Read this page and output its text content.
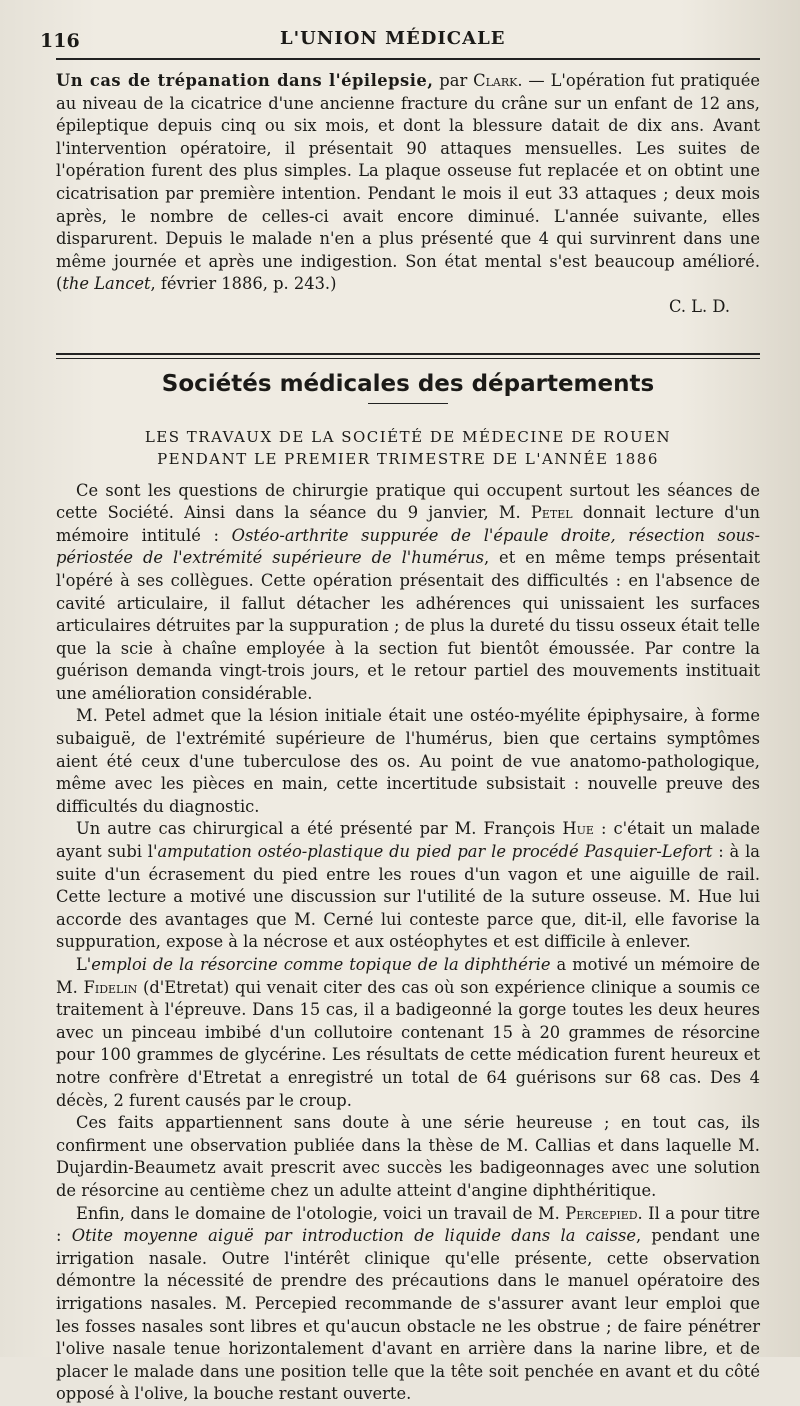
116	L'UNION MÉDICALE

Un cas de trépanation dans l'épilepsie, par Clark. — L'opération fut pratiquée au niveau de la cicatrice d'une ancienne fracture du crâne sur un enfant de 12 ans, épileptique depuis cinq ou six mois, et dont la blessure datait de dix ans. Avant l'intervention opératoire, il présentait 90 attaques mensuelles. Les suites de l'opération furent des plus simples. La plaque osseuse fut replacée et on obtint une cicatrisation par première intention. Pendant le mois il eut 33 attaques ; deux mois après, le nombre de celles-ci avait encore diminué. L'année suivante, elles disparurent. Depuis le malade n'en a plus présenté que 4 qui survinrent dans une même journée et après une indigestion. Son état mental s'est beaucoup amélioré. (the Lancet, février 1886, p. 243.)

C. L. D.

Sociétés médicales des départements
LES TRAVAUX DE LA SOCIÉTÉ DE MÉDECINE DE ROUEN
PENDANT LE PREMIER TRIMESTRE DE L'ANNÉE 1886

Ce sont les questions de chirurgie pratique qui occupent surtout les séances de cette Société. Ainsi dans la séance du 9 janvier, M. Petel donnait lecture d'un mémoire intitulé : Ostéo-arthrite suppurée de l'épaule droite, résection sous-périostée de l'extrémité supérieure de l'humérus, et en même temps présentait l'opéré à ses collègues. Cette opération présentait des difficultés : en l'absence de cavité articulaire, il fallut détacher les adhérences qui unissaient les surfaces articulaires détruites par la suppuration ; de plus la dureté du tissu osseux était telle que la scie à chaîne employée à la section fut bientôt émoussée. Par contre la guérison demanda vingt-trois jours, et le retour partiel des mouvements instituait une amélioration considérable.

M. Petel admet que la lésion initiale était une ostéo-myélite épiphysaire, à forme subaiguë, de l'extrémité supérieure de l'humérus, bien que certains symptômes aient été ceux d'une tuberculose des os. Au point de vue anatomo-pathologique, même avec les pièces en main, cette incertitude subsistait : nouvelle preuve des difficultés du diagnostic.

Un autre cas chirurgical a été présenté par M. François Hue : c'était un malade ayant subi l'amputation ostéo-plastique du pied par le procédé Pasquier-Lefort : à la suite d'un écrasement du pied entre les roues d'un vagon et une aiguille de rail. Cette lecture a motivé une discussion sur l'utilité de la suture osseuse. M. Hue lui accorde des avantages que M. Cerné lui conteste parce que, dit-il, elle favorise la suppuration, expose à la nécrose et aux ostéophytes et est difficile à enlever.

L'emploi de la résorcine comme topique de la diphthérie a motivé un mémoire de M. Fidelin (d'Etretat) qui venait citer des cas où son expérience clinique a soumis ce traitement à l'épreuve. Dans 15 cas, il a badigeonné la gorge toutes les deux heures avec un pinceau imbibé d'un collutoire contenant 15 à 20 grammes de résorcine pour 100 grammes de glycérine. Les résultats de cette médication furent heureux et notre confrère d'Etretat a enregistré un total de 64 guérisons sur 68 cas. Des 4 décès, 2 furent causés par le croup.

Ces faits appartiennent sans doute à une série heureuse ; en tout cas, ils confirment une observation publiée dans la thèse de M. Callias et dans laquelle M. Dujardin-Beaumetz avait prescrit avec succès les badigeonnages avec une solution de résorcine au centième chez un adulte atteint d'angine diphthéritique.

Enfin, dans le domaine de l'otologie, voici un travail de M. Percepied. Il a pour titre : Otite moyenne aiguë par introduction de liquide dans la caisse, pendant une irrigation nasale. Outre l'intérêt clinique qu'elle présente, cette observation démontre la nécessité de prendre des précautions dans le manuel opératoire des irrigations nasales. M. Percepied recommande de s'assurer avant leur emploi que les fosses nasales sont libres et qu'aucun obstacle ne les obstrue ; de faire pénétrer l'olive nasale tenue horizontalement d'avant en arrière dans la narine libre, et de placer le malade dans une position telle que la tête soit penchée en avant et du côté opposé à l'olive, la bouche restant ouverte.
